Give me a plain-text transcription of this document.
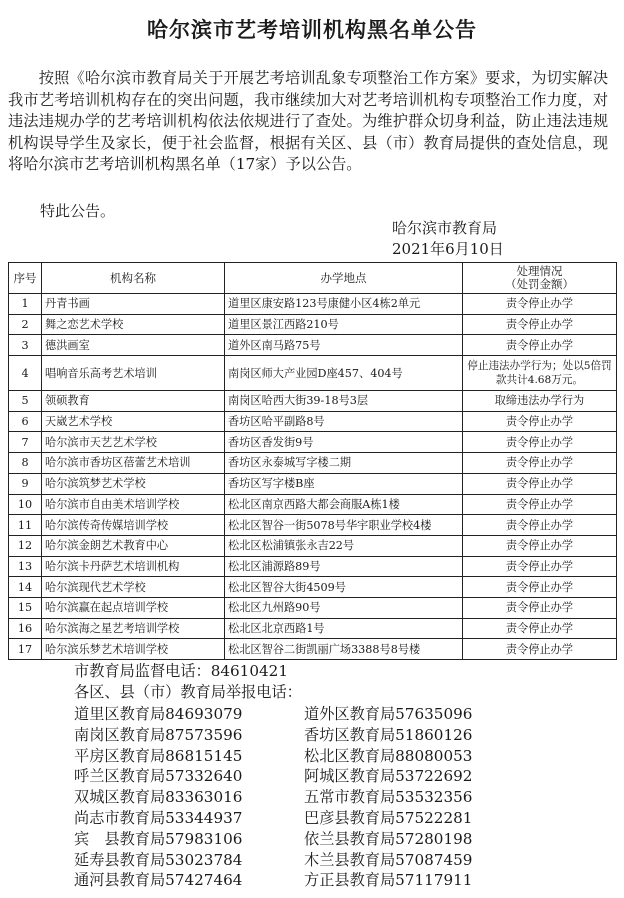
哈尔滨市艺考培训机构黑名单公告

　　按照《哈尔滨市教育局关于开展艺考培训乱象专项整治工作方案》要求，为切实解决我市艺考培训机构存在的突出问题，我市继续加大对艺考培训机构专项整治工作力度，对违法违规办学的艺考培训机构依法依规进行了查处。为维护群众切身利益，防止违法违规机构误导学生及家长，便于社会监督，根据有关区、县（市）教育局提供的查处信息，现将哈尔滨市艺考培训机构黑名单（17家）予以公告。

特此公告。

哈尔滨市教育局

2021年6月10日

序号	机构名称	办学地点	处理情况
（处罚金额）

1	丹青书画	道里区康安路123号康健小区4栋2单元	责令停止办学
2	舞之恋艺术学校	道里区景江西路210号	责令停止办学
3	德洪画室	道外区南马路75号	责令停止办学
4	唱响音乐高考艺术培训	南岗区师大产业园D座457、404号	停止违法办学行为；处以5倍罚款共计4.68万元。
5	领硕教育	南岗区哈西大街39-18号3层	取缔违法办学行为
6	天崴艺术学校	香坊区哈平副路8号	责令停止办学
7	哈尔滨市天艺艺术学校	香坊区香发街9号	责令停止办学
8	哈尔滨市香坊区蓓蕾艺术培训	香坊区永泰城写字楼二期	责令停止办学
9	哈尔滨筑梦艺术学校	香坊区写字楼B座	责令停止办学
10	哈尔滨市自由美术培训学校	松北区南京西路大都会商服A栋1楼	责令停止办学
11	哈尔滨传奇传媒培训学校	松北区智谷一街5078号华宇职业学校4楼	责令停止办学
12	哈尔滨金朗艺术教育中心	松北区松浦镇张永吉22号	责令停止办学
13	哈尔滨卡丹萨艺术培训机构	松北区浦源路89号	责令停止办学
14	哈尔滨现代艺术学校	松北区智谷大街4509号	责令停止办学
15	哈尔滨赢在起点培训学校	松北区九州路90号	责令停止办学
16	哈尔滨海之星艺考培训学校	松北区北京西路1号	责令停止办学
17	哈尔滨乐梦艺术培训学校	松北区智谷二街凯丽广场3388号8号楼	责令停止办学
市教育局监督电话：84610421
各区、县（市）教育局举报电话：
道里区教育局84693079	道外区教育局57635096
南岗区教育局87573596	香坊区教育局51860126
平房区教育局86815145	松北区教育局88080053
呼兰区教育局57332640	阿城区教育局53722692
双城区教育局83363016	五常市教育局53532356
尚志市教育局53344937	巴彦县教育局57522281
宾　县教育局57983106	依兰县教育局57280198
延寿县教育局53023784	木兰县教育局57087459
通河县教育局57427464	方正县教育局57117911
